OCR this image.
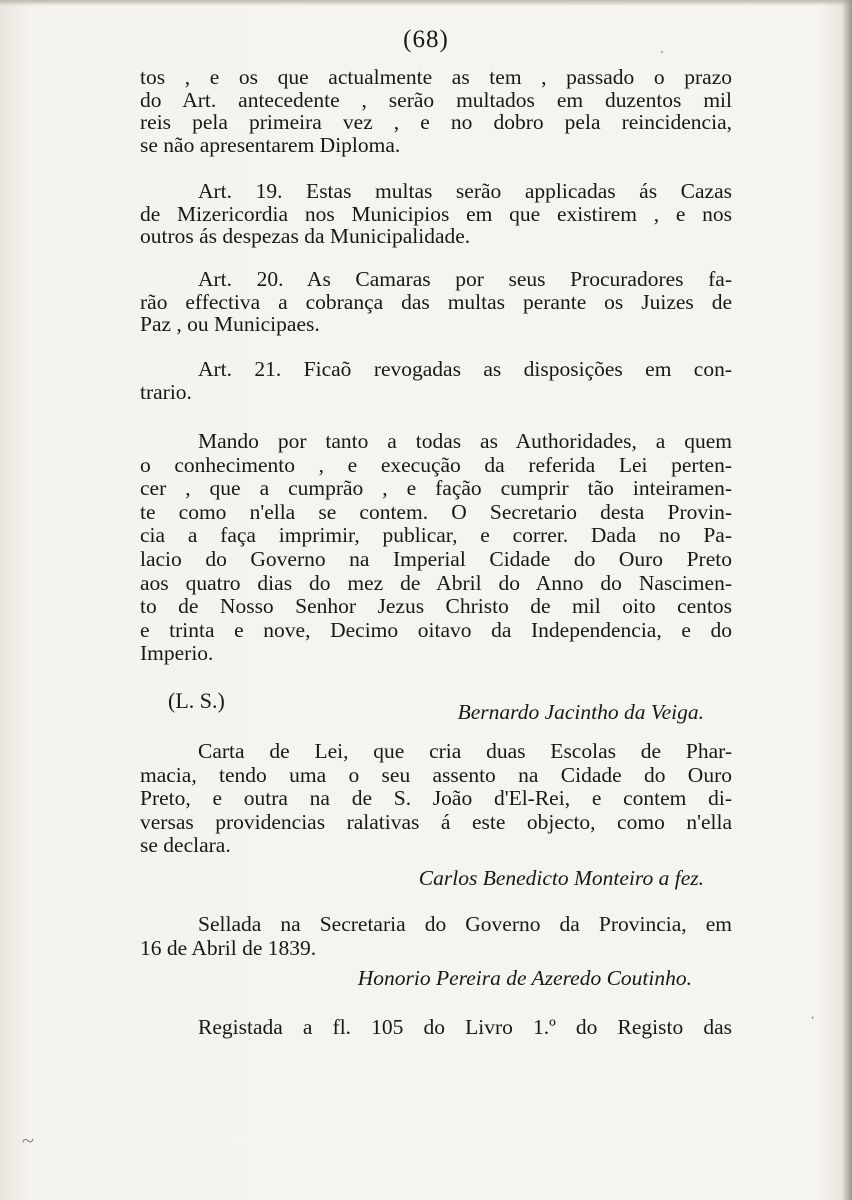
(68)
tos , e os que actualmente as tem , passado o prazo
do Art. antecedente , serão multados em duzentos mil
reis pela primeira vez , e no dobro pela reincidencia,
se não apresentarem Diploma.
Art. 19. Estas multas serão applicadas ás Cazas
de Mizericordia nos Municipios em que existirem , e nos
outros ás despezas da Municipalidade.
Art. 20. As Camaras por seus Procuradores fa-
rão effectiva a cobrança das multas perante os Juizes de
Paz , ou Municipaes.
Art. 21. Ficaõ revogadas as disposições em con-
trario.
Mando por tanto a todas as Authoridades, a quem
o conhecimento , e execução da referida Lei perten-
cer , que a cumprão , e fação cumprir tão inteiramen-
te como n'ella se contem. O Secretario desta Provin-
cia a faça imprimir, publicar, e correr. Dada no Pa-
lacio do Governo na Imperial Cidade do Ouro Preto
aos quatro dias do mez de Abril do Anno do Nascimen-
to de Nosso Senhor Jezus Christo de mil oito centos
e trinta e nove, Decimo oitavo da Independencia, e do
Imperio.
(L. S.)	Bernardo Jacintho da Veiga.
Carta de Lei, que cria duas Escolas de Phar-
macia, tendo uma o seu assento na Cidade do Ouro
Preto, e outra na de S. João d'El-Rei, e contem di-
versas providencias ralativas á este objecto, como n'ella
se declara.
Carlos Benedicto Monteiro a fez.
Sellada na Secretaria do Governo da Provincia, em
16 de Abril de 1839.
Honorio Pereira de Azeredo Coutinho.
Registada a fl. 105 do Livro 1.º do Registo das
~
.
·
